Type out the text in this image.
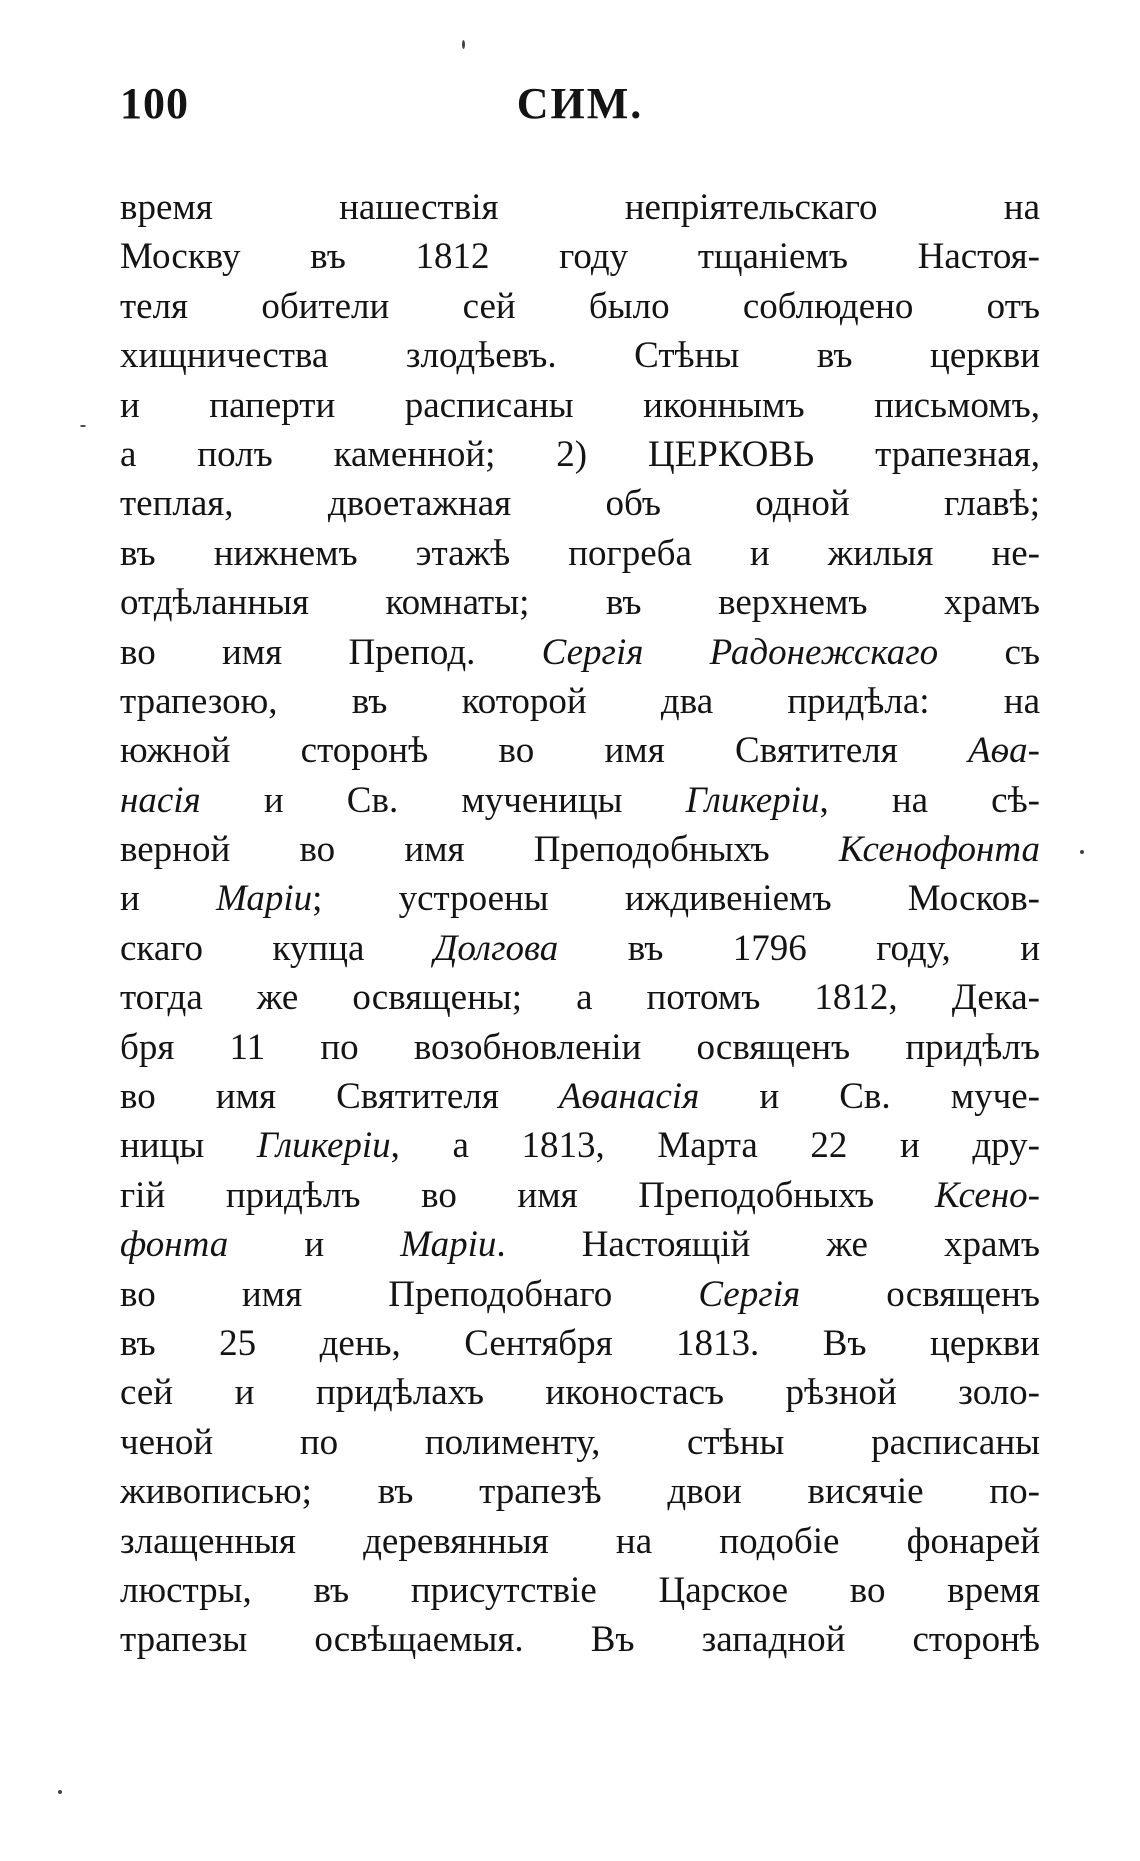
100	СИМ.
время нашествія непріятельскаго на
Москву въ 1812 году тщаніемъ Настоя-
теля обители сей было соблюдено отъ
хищничества злодѣевъ. Стѣны въ церкви
и паперти расписаны иконнымъ письмомъ,
а полъ каменной; 2) ЦЕРКОВЬ трапезная,
теплая, двоетажная объ одной главѣ;
въ нижнемъ этажѣ погреба и жилыя не-
отдѣланныя комнаты; въ верхнемъ храмъ
во имя Препод. Сергія Радонежскаго съ
трапезою, въ которой два придѣла: на
южной сторонѣ во имя Святителя Аѳа-
насія и Св. мученицы Гликеріи, на сѣ-
верной во имя Преподобныхъ Ксенофонта
и Маріи; устроены иждивеніемъ Москов-
скаго купца Долгова въ 1796 году, и
тогда же освящены; а потомъ 1812, Дека-
бря 11 по возобновленіи освященъ придѣлъ
во имя Святителя Аѳанасія и Св. муче-
ницы Гликеріи, а 1813, Марта 22 и дру-
гій придѣлъ во имя Преподобныхъ Ксено-
фонта и Маріи. Настоящій же храмъ
во имя Преподобнаго Сергія освященъ
въ 25 день, Сентября 1813. Въ церкви
сей и придѣлахъ иконостасъ рѣзной золо-
ченой по полименту, стѣны расписаны
живописью; въ трапезѣ двои висячіе по-
злащенныя деревянныя на подобіе фонарей
люстры, въ присутствіе Царское во время
трапезы освѣщаемыя. Въ западной сторонѣ
